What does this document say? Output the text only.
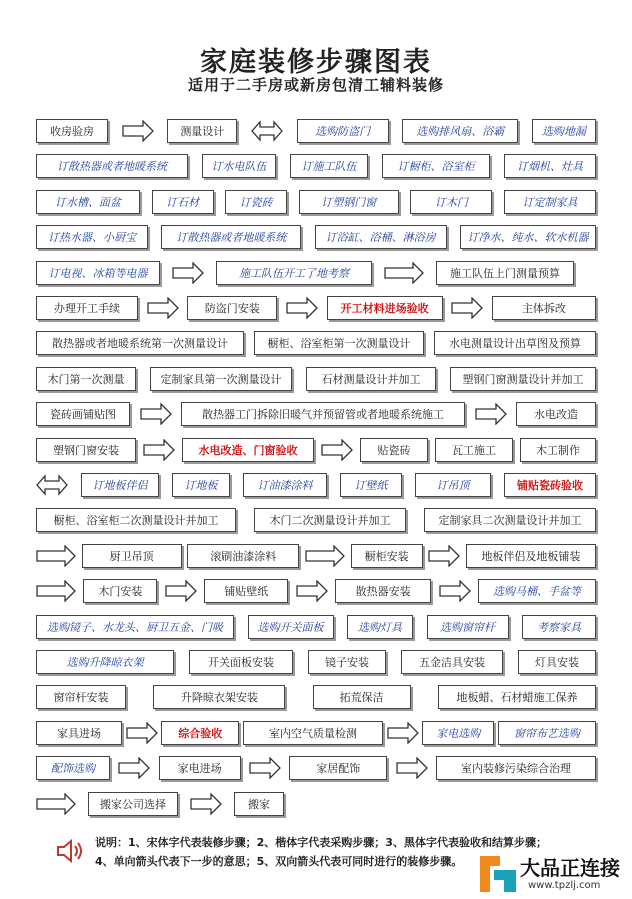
家庭装修步骤图表
适用于二手房或新房包清工辅料装修
收房验房	测量设计	选购防盗门	选购排风扇、浴霸	选购地漏
订散热器或者地暖系统	订水电队伍	订施工队伍	订橱柜、浴室柜	订烟机、灶具
订水槽、面盆	订石材	订瓷砖	订塑钢门窗	订木门	订定制家具
订热水器、小厨宝	订散热器或者地暖系统	订浴缸、浴桶、淋浴房	订净水、纯水、软水机器
订电视、冰箱等电器	施工队伍开工了地考察	施工队伍上门测量预算
办理开工手续	防盗门安装	开工材料进场验收	主体拆改
散热器或者地暖系统第一次测量设计	橱柜、浴室柜第一次测量设计	水电测量设计出草图及预算
木门第一次测量	定制家具第一次测量设计	石材测量设计并加工	塑钢门窗测量设计并加工
瓷砖画铺贴图	散热器工门拆除旧暖气并预留管或者地暖系统施工	水电改造
塑钢门窗安装	水电改造、门窗验收	贴瓷砖	瓦工施工	木工制作
订地板伴侣	订地板	订油漆涂料	订壁纸	订吊顶	铺贴瓷砖验收
橱柜、浴室柜二次测量设计并加工	木门二次测量设计并加工	定制家具二次测量设计并加工
厨卫吊顶	滚刷油漆涂料	橱柜安装	地板伴侣及地板铺装
木门安装	铺贴壁纸	散热器安装	选购马桶、手盆等
选购镜子、水龙头、厨卫五金、门吸	选购开关面板	选购灯具	选购窗帘杆	考察家具
选购升降晾衣架	开关面板安装	镜子安装	五金洁具安装	灯具安装
窗帘杆安装	升降晾衣架安装	拓荒保洁	地板蜡、石材蜡施工保养
家具进场	综合验收	室内空气质量检测	家电选购	窗帘布艺选购
配饰选购	家电进场	家居配饰	室内装修污染综合治理
搬家公司选择	搬家
说明：1、宋体字代表装修步骤；2、楷体字代表采购步骤；3、黑体字代表验收和结算步骤；4、单向箭头代表下一步的意思；5、双向箭头代表可同时进行的装修步骤。	大品正连接
www.tpzlj.com
